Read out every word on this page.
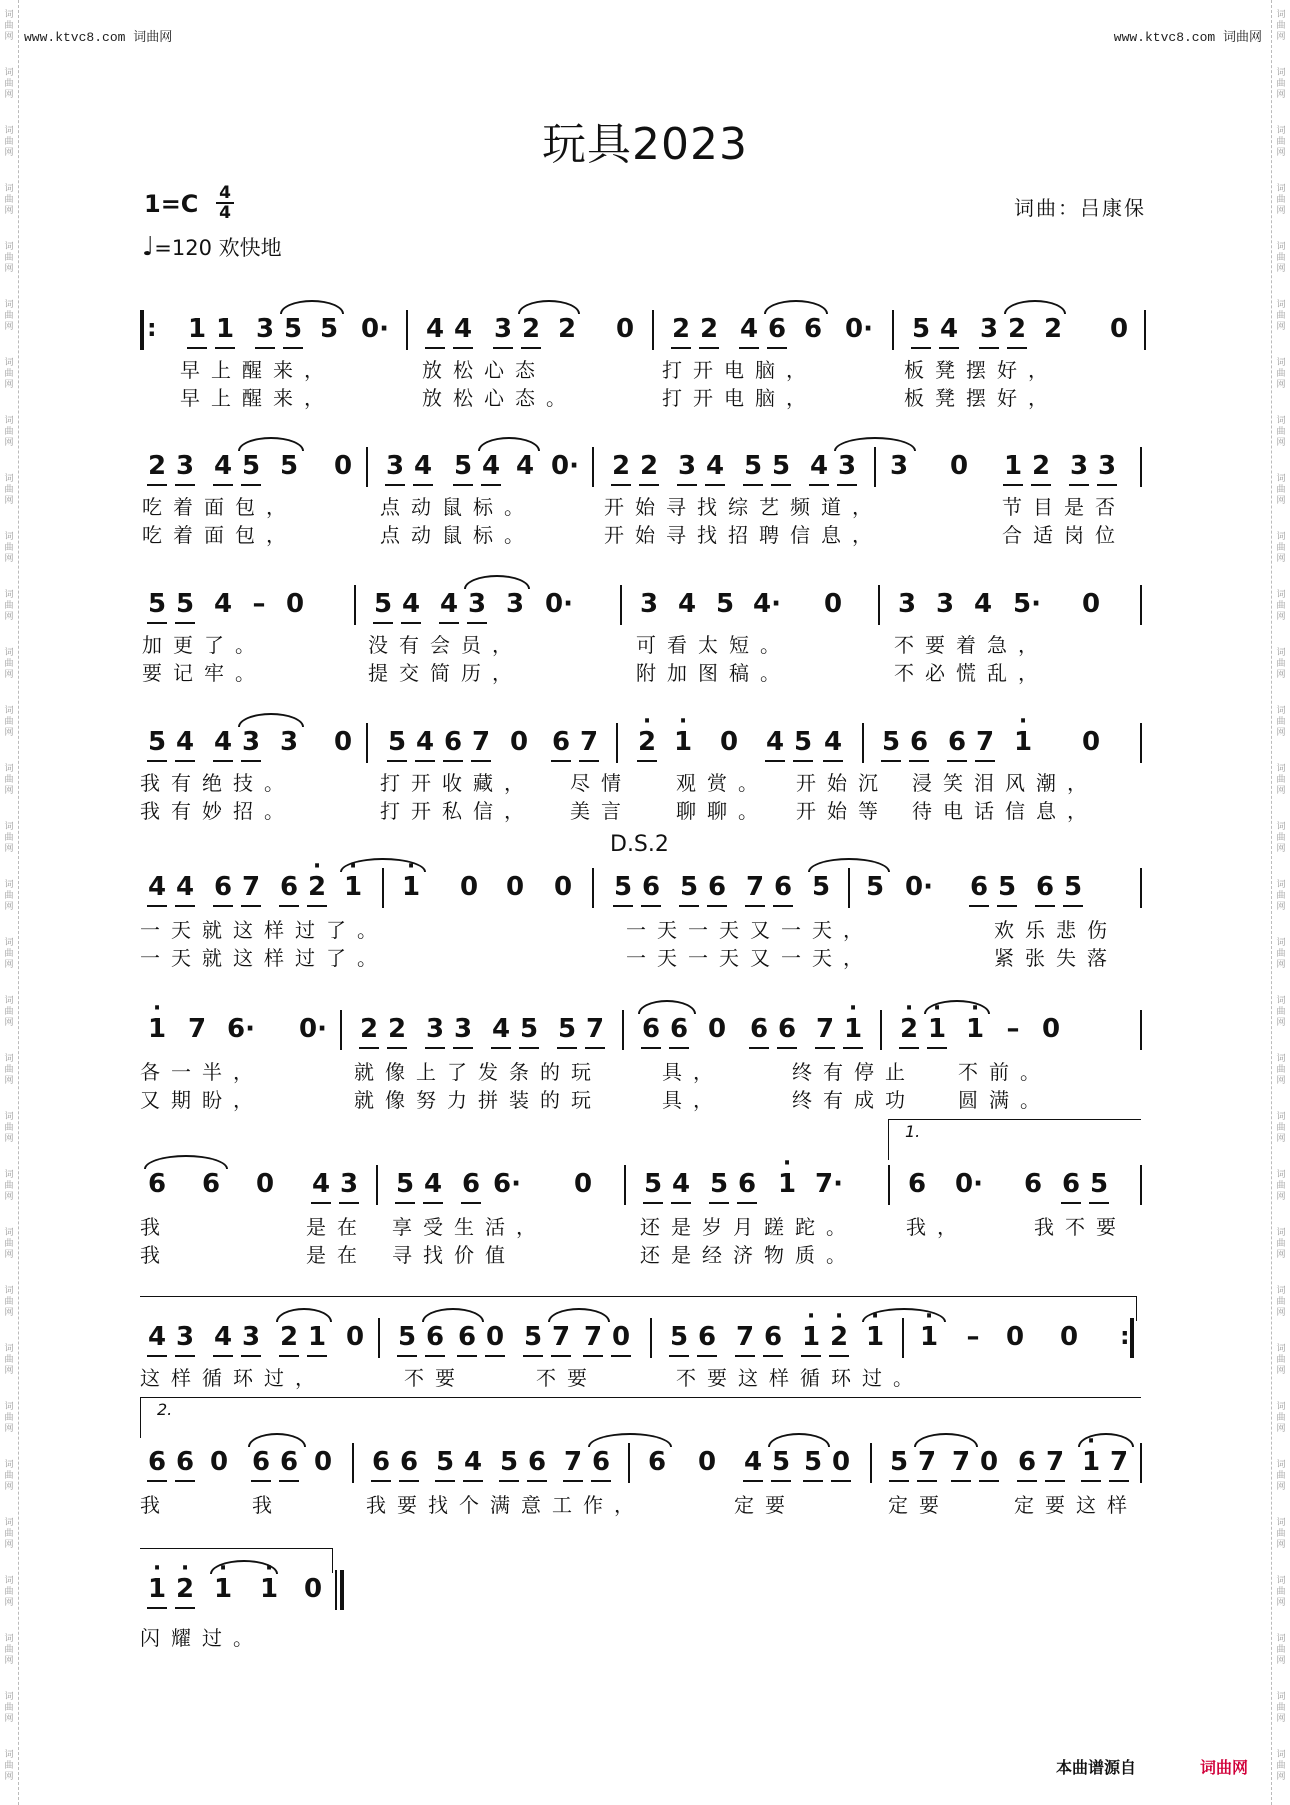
词
曲
网
词
曲
网
词
曲
网
词
曲
网
词
曲
网
词
曲
网
词
曲
网
词
曲
网
词
曲
网
词
曲
网
词
曲
网
词
曲
网
词
曲
网
词
曲
网
词
曲
网
词
曲
网
词
曲
网
词
曲
网
词
曲
网
词
曲
网
词
曲
网
词
曲
网
词
曲
网
词
曲
网
词
曲
网
词
曲
网
词
曲
网
词
曲
网
词
曲
网
词
曲
网
词
曲
网
词
曲
网
词
曲
网
词
曲
网
词
曲
网
词
曲
网
词
曲
网
词
曲
网
词
曲
网
词
曲
网
词
曲
网
词
曲
网
词
曲
网
词
曲
网
词
曲
网
词
曲
网
词
曲
网
词
曲
网
词
曲
网
词
曲
网
词
曲
网
词
曲
网
词
曲
网
词
曲
网
词
曲
网
词
曲
网
词
曲
网
词
曲
网
词
曲
网
词
曲
网
词
曲
网
词
曲
网
www.ktvc8.com 词曲网	www.ktvc8.com 词曲网
玩具2023
1=C 4
4
♩=120 欢快地
词曲：吕康保
:
1 1 3 5 5 0· 4 4 3 2 2 0 2 2 4 6 6 0· 5 4 3 2 2 0
早上醒来，	放松心态	打开电脑，	板凳摆好，
早上醒来，	放松心态。	打开电脑，	板凳摆好，
2 3 4 5 5 0 3 4 5 4 4 0· 2 2 3 4 5 5 4 3 3 0 1 2 3 3
吃着面包，	点动鼠标。	开始寻找综艺频道，	节目是否
吃着面包，	点动鼠标。	开始寻找招聘信息，	合适岗位
5 5 4 – 0	5 4 4 3 3 0·	3 4 5 4· 0 3 3 4 5· 0
加更了。	没有会员，	可看太短。	不要着急，
要记牢。	提交简历，	附加图稿。	不必慌乱，
5 4 4 3 3 0 5 4 6 7 0 6 7 · 2 · 1 0 4 5 4 5 6 6 7 · 1 0
我有绝技。	打开收藏， 尽情 观赏。 开始沉 浸笑泪风潮，
我有妙招。	打开私信， 美言 聊聊。 开始等 待电话信息，
4 4 6 7 6 · 2 · 1 · 1 0 0 0 5 6 5 6 7 6 5 5 0· 6 5 6 5
D.S.2
一天就这样过了。	一天一天又一天，	欢乐悲伤
一天就这样过了。	一天一天又一天，	紧张失落
· 1 7 6· 0· 2 2 3 3 4 5 5 7 6 6 0 6 6 7 · 1 · 2 · 1 · 1 – 0
各一半，	就像上了发条的玩	具，	终有停止 不前。
又期盼，	就像努力拼装的玩	具，	终有成功 圆满。
6 6 0 4 3 5 4 6 6· 0 5 4 5 6 · 1 7· 6 0· 6 6 5
1.
我	是在 享受生活，	还是岁月蹉跎。 我，	我不要
我	是在 寻找价值	还是经济物质。
4 3 4 3 2 1 0 5 6 6 0 5 7 7 0 5 6 7 6 · 1 · 2 · 1 · 1 – 0 0
:
这样循环过，	不要	不要	不要这样循环过。
6 6 0 6 6 0 6 6 5 4 5 6 7 6 6 0 4 5 5 0 5 7 7 0 6 7 · 1 7
2.
我	我	我要找个满意工作，	定要	定要	定要这样
· 1 · 2 · 1 · 1 0
闪耀过。
本曲谱源自	词曲网
